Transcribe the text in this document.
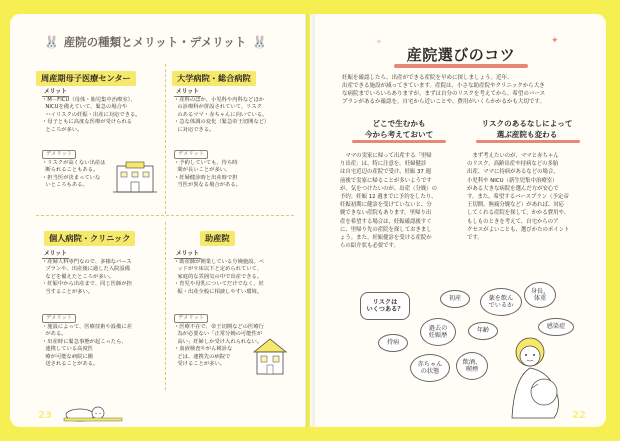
🐰 産院の種類とメリット・デメリット 🐰
周産期母子医療センター
メリット
・M－FICU（母体・胎児集中治療室）、
NICUを備えていて、緊急の場合や
ハイリスクの妊娠・出産に対応できる。
・母子ともに高度な医療が受けられる
ところが多い。
デメリット
・リスクが高くない出産は
断られることもある。
・担当医が決まっていな
いところもある。
大学病院・総合病院
メリット
・産科のほか、小児科や内科などほか
の診療科が併設されていて、リスク
のあるママ・赤ちゃんに向いている。
・急な体調の変化（緊急帝王切開など）
に対応できる。
デメリット
・予約していても、待ち時
間が長いことが多い。
・妊婦健診時と出産時で担
当医が異なる場合がある。
個人病院・クリニック
メリット
・産婦人科専門なので、多様なバース
プランや、出産後に過した入院設備
などを備えたところが多い。
・妊娠中から出産まで、同じ医師が担
当することが多い。
デメリット
・施設によって、医療技術や設備に差
がある。
・出産時に緊急事態が起こったら、
連携している高度医
療が可能な病院に搬
送されることがある。
助産院
メリット
・助産師が開業している分娩施設。ベ
ッドが９床以下と定められていて、
家庭的な雰囲気の中で出産できる。
・育児や母乳についてだけでなく、妊
娠・出産全般に相談しやすい環境。
デメリット
・医療不在で、帝王切開などの医療行
為が必要ない「正常分娩の可能性が
高い」妊婦しか受け入れられない。
・血液検査やがん検診な
どは、連携先の病院で
受けることが多い。
23
産院選びのコツ
✦
✧
妊娠を確認したら、出産ができる産院を早めに探しましょう。近年、
出産できる施設が減ってきています。産院は、小さな助産院やクリニックから大き
な病院までいろいろありますが、まずは自分のリスクを考えてから、希望のバース
プランがあるか確認を。自宅から近いことや、費用がいくらかかるかも大切です。
どこで生むかも
今から考えておいて
リスクのあるなしによって
選ぶ産院も変わる
　ママの実家に帰って出産する「里帰
り出産」は、特に注意を。妊婦健診
は自宅近辺の産院で受け、妊娠 37 週
前後で実家に帰ることが多いようです
が、気をつけたいのが、出産（分娩）の
予約。妊娠 12 週までに予約をしたり、
妊娠初期に健診を受けていないと、分
娩できない産院もあります。里帰り出
産を希望する場合は、妊娠確認後すぐ
に、里帰り先の産院を探しておきまし
ょう。また、妊娠健診を受ける産院か
らの紹介状も必要です。
　まず考えたいのが、ママと赤ちゃん
のリスク。高齢出産や持病などの多胎
出産、ママに持病があるなどの場合、
小児科や NICU（新生児集中治療室）
がある大きな病院を選んだ方が安心で
す。また、希望するバースプラン（予定帝
王切開、無痛分娩など）があれば、対応
してくれる産院を探して。かかる費用や、
もしものときを考えて、自宅からのア
クセスがよいことも、選びかたのポイント
です。
リスクは
いくつある？
持病
過去の
妊娠歴
初産	薬を飲ん
でいるか
身長、
体重
年齢
感染症
赤ちゃん
の状態
飲酒、
喫煙
22
